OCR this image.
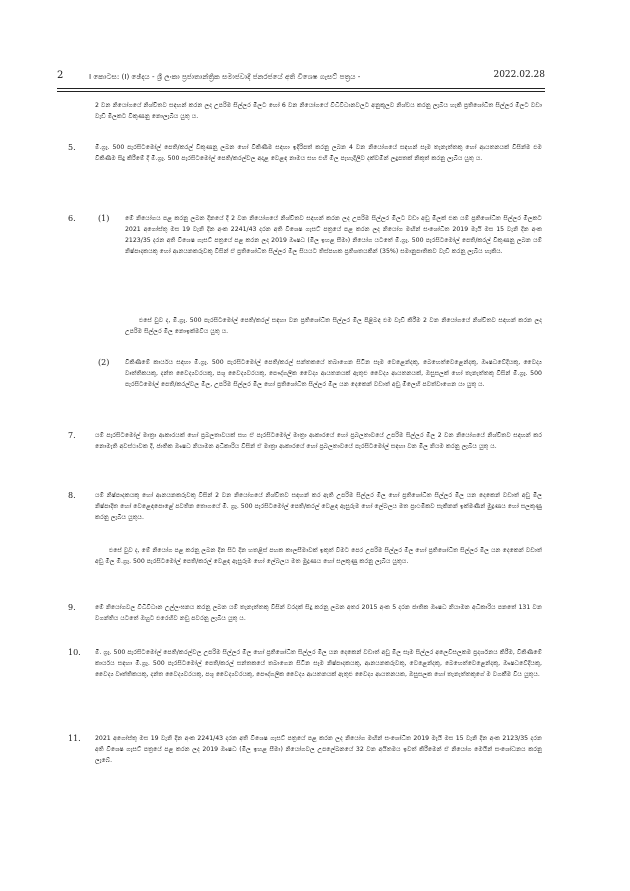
2	I කොටස: (I) ඡේදය - ශ්‍රී ලංකා ප්‍රජාතාන්ත්‍රික සමාජවාදී ජනරජයේ අති විශෙෂ ගැසට් පත්‍රය -	2022.02.28
2 වන නියෝගයේ නිශ්චිතව සඳහන් කරන ලද උපරිම සිල්ලර මිලට හෝ 6 වන නියෝගයේ විධිවිධානවලට අනුකූලව නිශ්චය කරනු ලැබිය හැකි ප්‍රතිශෝධිත සිල්ලර මිලට වඩා වැඩි මිලකට විකුණනු නොලැබිය යුතු ය.
5.	මි.ග්‍රෑ. 500 පැරසිටමෝල් පෙති/කරල් විකුණනු ලබන හෝ විකිණීම සඳහා ඉදිරිපත් කරනු ලබන 4 වන නියෝගයේ සඳහන් සෑම තැනැත්තකු හෝ ආයතනයක් විසින්ම එම විකිණීම සිදු කිරීමේ දී මි.ග්‍රෑ. 500 පැරසිටමෝල් පෙති/කරල්වල අදාළ වෙළඳ නාමය සහ එහි මිල පැහැදිලිව දක්වමින් ලදුපතක් නිකුත් කරනු ලැබිය යුතු ය.
6.	(1)	මේ නියෝගය පළ කරනු ලබන දිනයේ දී 2 වන නියෝගයේ නිශ්චිතව සඳහන් කරන ලද උපරිම සිල්ලර මිලට වඩා අඩු මිලක් එක යම් ප්‍රතිශෝධිත සිල්ලර මිලකට 2021 අගෝස්තු මස 19 වැනි දින අංක 2241/43 දරන අති විශෙෂ ගැසට් පත්‍රයේ පළ කරන ලද නියෝග මඟින් සංශෝධිත 2019 මැයි මස 15 වැනි දින අංක 2123/35 දරන අති විශෙෂ ගැසට් පත්‍රයේ පළ කරන ලද 2019 ඖෂධ (මිල ඉහළ සීමා) නියෝග යටතේ මි.ග්‍රෑ. 500 පැරසිටමෝල් පෙති/කරල් විකුණනු ලබන යම් නිෂ්පාදකයකු හෝ ආනයනකරුවකු විසින් ඒ ප්‍රතිශෝධිත සිල්ලර මිල සියයට තිස්පහක ප්‍රතිශතයකින් (35%) සමානුපාතිකව වැඩි කරනු ලැබිය හැකිය.
එසේ වුව ද, මි.ග්‍රෑ. 500 පැරසිටමෝල් පෙති/කරල් සඳහා වන ප්‍රතිශෝධිත සිල්ලර මිල පිළිබඳ එම වැඩි කිරීම 2 වන නියෝගයේ නිශ්චිතව සඳහන් කරන ලද උපරිම සිල්ලර මිල නොඉක්මවිය යුතු ය.
(2)	විකිණීමේ කාර්යය සඳහා මි.ග්‍රෑ. 500 පැරසිටමෝල් පෙති/කරල් සන්තකයේ තබාගෙන සිටින සෑම වෙළෙන්දකු, බෙහෙත්වෙළෙන්දකු, ඖෂධවේදියකු, වෛද්‍ය වෘත්තිකයකු, දන්ත වෛද්‍යවරයකු, පශු වෛද්‍යවරයකු, පෞද්ගලික වෛද්‍ය ආයතනයක් ඇතුළු වෛද්‍ය ආයතනයක්, ඔසුසලක් හෝ තැනැත්තකු විසින් මි.ග්‍රෑ. 500 පැරසිටමෝල් පෙති/කරල්වල මිල, උපරිම සිල්ලර මිල හෝ ප්‍රතිශෝධිත සිල්ලර මිල යන දෙකෙන් වඩාත් අඩු මිලෙහි පවත්වාගෙන යා යුතු ය.
7.	යම් පැරසිටමෝල් මාත්‍රා ආකාරයක් හෝ ප්‍රබලතාවයක් සහ ඒ පැරසිටමෝල් මාත්‍රා ආකාරයේ හෝ ප්‍රබලතාවයේ උපරිම සිල්ලර මිල 2 වන නියෝගයේ නිශ්චිතව සඳහන් කර නොමැති අවස්ථාවක දී, ජාතික ඖෂධ නියාමන අධිකාරිය විසින් ඒ මාත්‍රා ආකාරයේ හෝ ප්‍රබලතාවයේ පැරසිටමෝල් සඳහා වන මිල නියම කරනු ලැබිය යුතු ය.
8.	යම් නිෂ්පාදකයකු හෝ ආනයනකරුවකු විසින් 2 වන නියෝගයේ නිශ්චිතව සඳහන් කර ඇති උපරිම සිල්ලර මිල හෝ ප්‍රතිශෝධිත සිල්ලර මිල යන දෙකෙන් වඩාත් අඩු මිල නිෂ්පාදිත හෝ වෙළෙඳපොළේ පවතින තොගයේ මි. ග්‍රෑ. 500 පැරසිටමෝල් පෙති/කරල් වෙළඳ ඇසුරුම හෝ ලේබලය මත ප්‍රාථමිකව සැකිනන් ඉක්මණින් මුද්‍රණය හෝ සලකුණු කරනු ලැබිය යුතුය.
එසේ වුව ද, මේ නියෝග පළ කරනු ලබන දින සිට දින හතළිස් පහක කාලසීමාවක් ඉකුත් වීමට පෙර උපරිම සිල්ලර මිල හෝ ප්‍රතිශෝධිත සිල්ලර මිල යන දෙකෙන් වඩාත් අඩු මිල මි.ග්‍රෑ. 500 පැරසිටමෝල් පෙති/කරල් වෙළඳ ඇසුරුම හෝ ලේබලය මත මුද්‍රණය හෝ සලකුණු කරනු ලැබිය යුතුය.
9.	මේ නියෝගවල විධිවිධාන උල්ලංඝනය කරනු ලබන යම් තැනැත්තකු විසින් වරදක් සිදු කරනු ලබන අතර 2015 අංක 5 දරන ජාතික ඖෂධ නියාමන අධිකාරිය පනතේ 131 වන වගන්තිය යටතේ ඔහුට එරෙහිව නඩු පවරනු ලැබිය යුතු ය.
10. මි. ග්‍රෑ. 500 පැරසිටමෝල් පෙති/කරල්වල උපරිම සිල්ලර මිල හෝ ප්‍රතිශෝධිත සිල්ලර මිල යන දෙකෙන් වඩාත් අඩු මිල සෑම සිල්ලර අලෙවිසලකම ප්‍රදර්ශනය කිරීම, විකිණීමේ කාර්යය සඳහා මි.ග්‍රෑ. 500 පැරසිටමෝල් පෙති/කරල් සන්තකයේ තබාගෙන සිටින සෑම නිෂ්පාදකයකු, ආනයනකරුවකු, වෙළෙන්දකු, බෙහෙත්වෙළෙන්දකු, ඖෂධවේදියකු, වෛද්‍ය වෘත්තිකයකු, දන්ත වෛද්‍යවරයකු, පශු වෛද්‍යවරයකු, පෞද්ගලික වෛද්‍ය ආයතනයක් ඇතුළු වෛද්‍ය ආයතනයක, ඔසුසලක හෝ තැනැත්තකුගේ ම වගකීම විය යුතුය.
11. 2021 අගෝස්තු මස 19 වැනි දින අංක 2241/43 දරන අති විශෙෂ ගැසට් පත්‍රයේ පළ කරන ලද නියෝග මඟින් සංශෝධිත 2019 මැයි මස 15 වැනි දින අංක 2123/35 දරන අති විශෙෂ ගැසට් පත්‍රයේ පළ කරන ලද 2019 ඖෂධ (මිල ඉහළ සීමා) නියෝගවල උපලේඛනයේ 32 වන අයිතමය ඉවත් කිරීමෙන් ඒ නියෝග මෙයින් සංශෝධනය කරනු ලැබේ.
